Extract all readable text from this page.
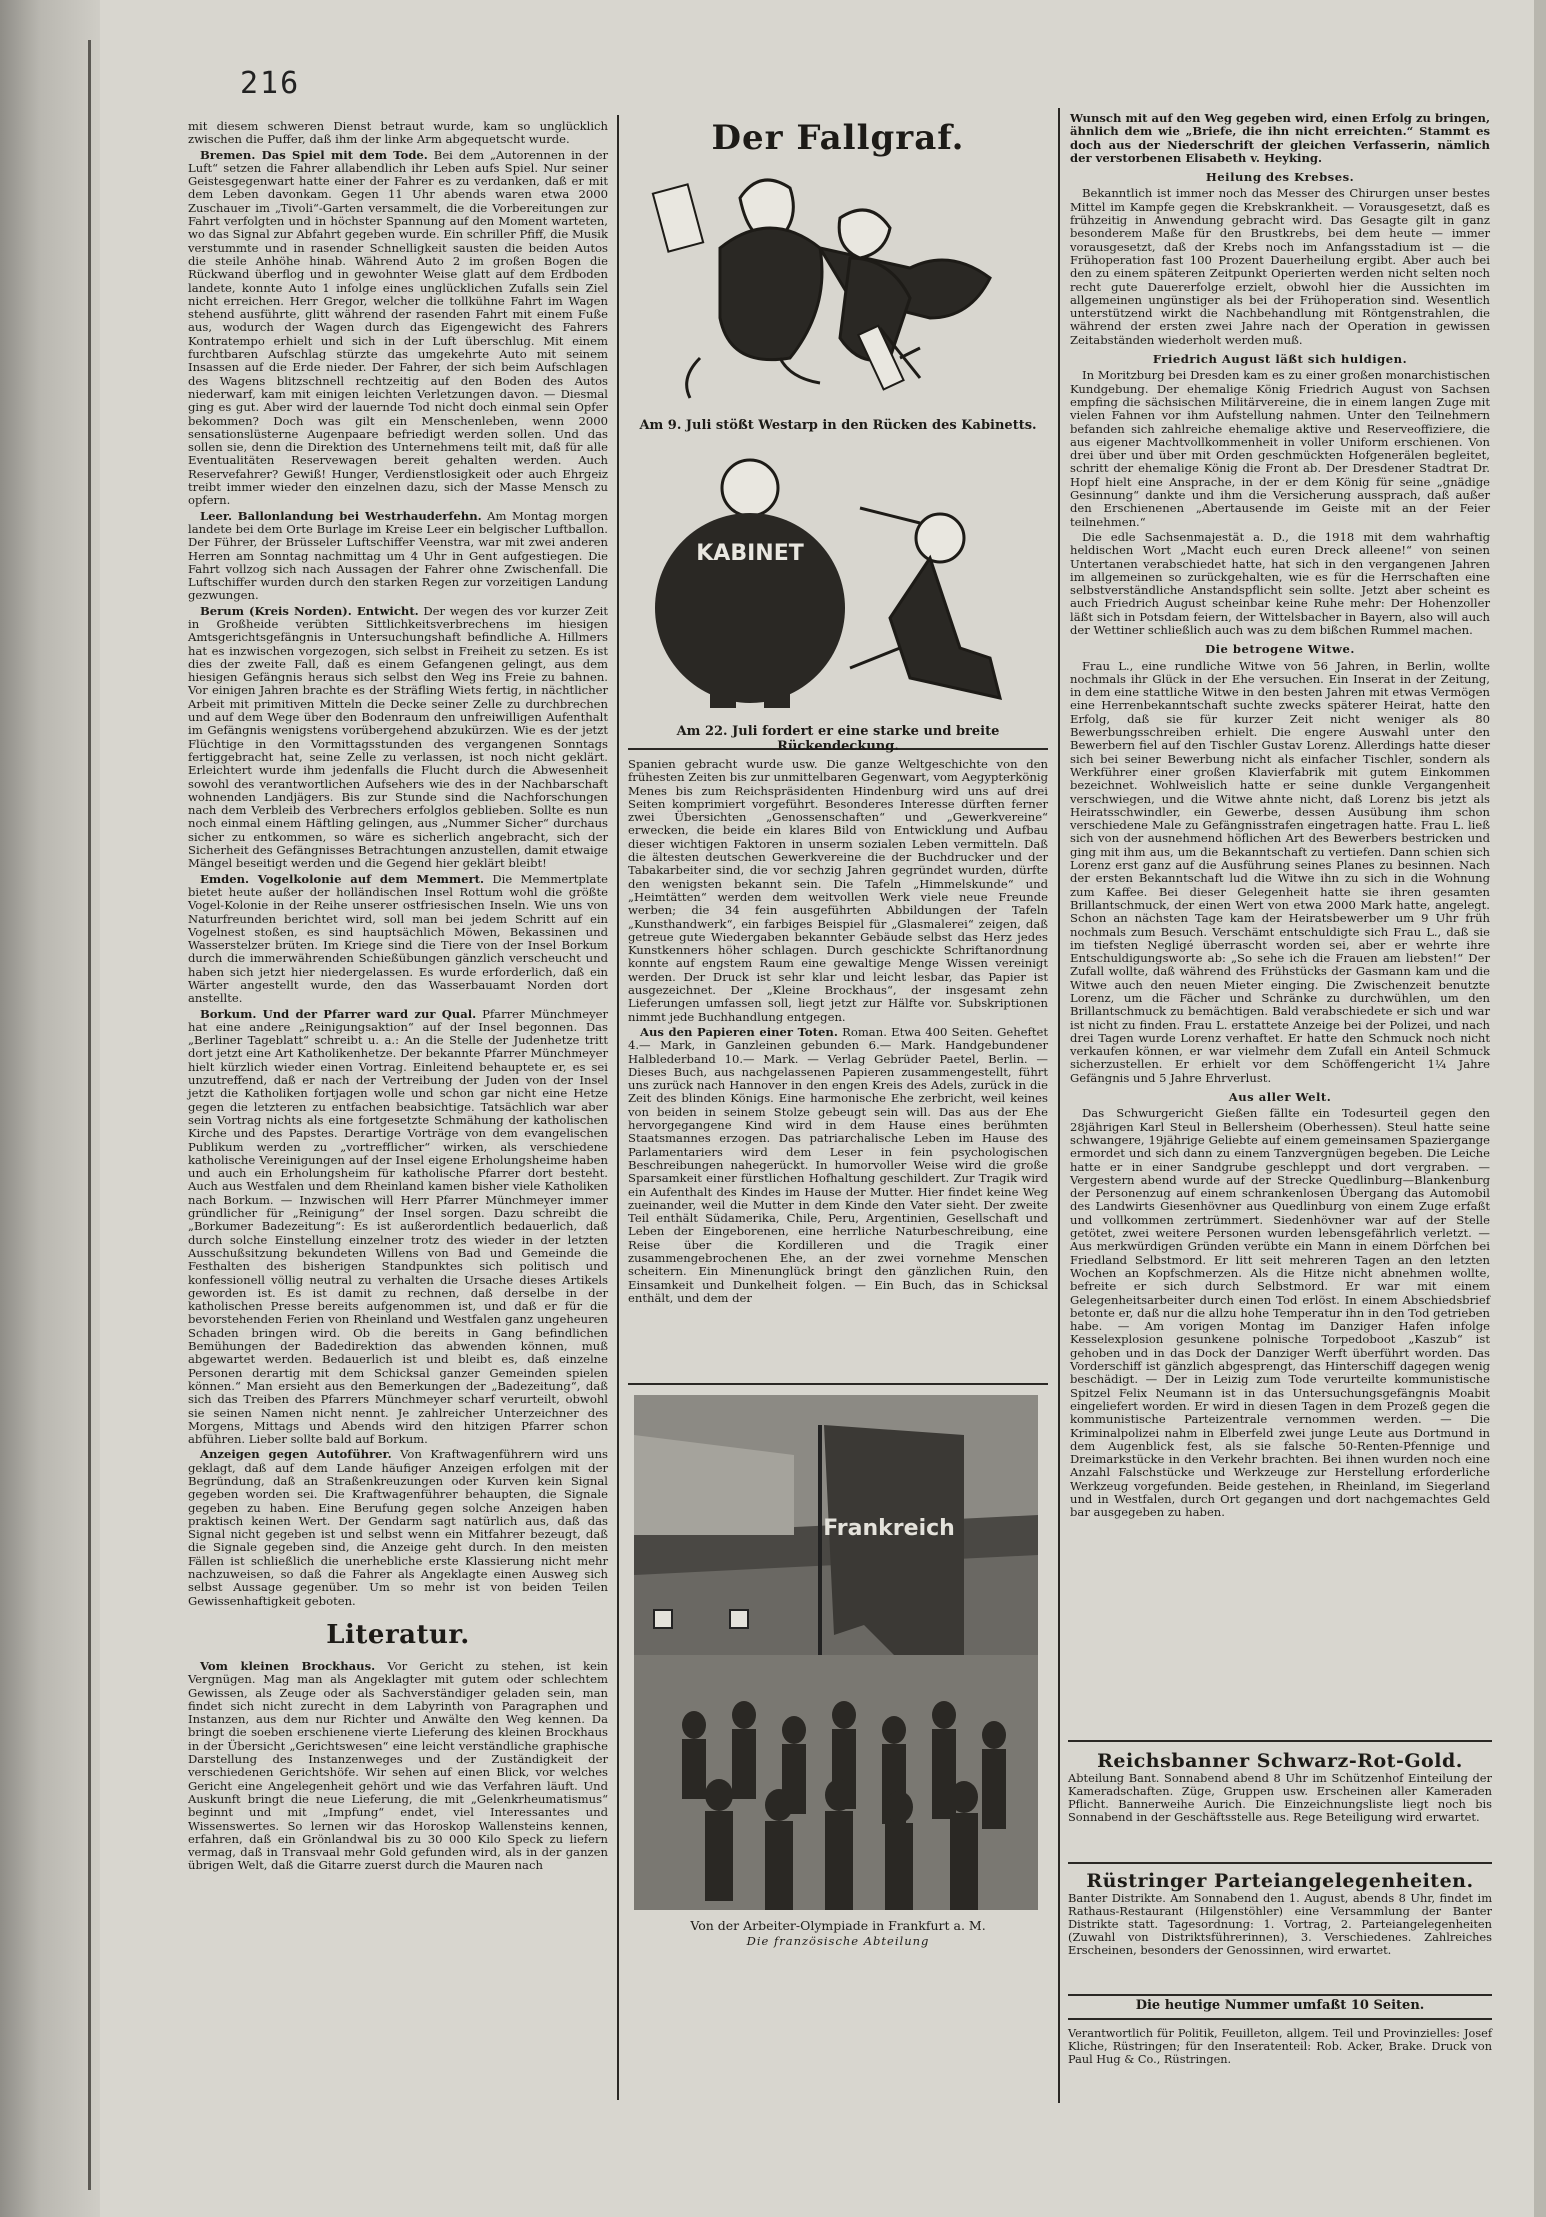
216

mit diesem schweren Dienst betraut wurde, kam so unglücklich zwischen die Puffer, daß ihm der linke Arm abgequetscht wurde.

Bremen. Das Spiel mit dem Tode. Bei dem „Autorennen in der Luft“ setzen die Fahrer allabendlich ihr Leben aufs Spiel. Nur seiner Geistesgegenwart hatte einer der Fahrer es zu verdanken, daß er mit dem Leben davonkam. Gegen 11 Uhr abends waren etwa 2000 Zuschauer im „Tivoli“-Garten versammelt, die die Vorbereitungen zur Fahrt verfolgten und in höchster Spannung auf den Moment warteten, wo das Signal zur Abfahrt gegeben wurde. Ein schriller Pfiff, die Musik verstummte und in rasender Schnelligkeit sausten die beiden Autos die steile Anhöhe hinab. Während Auto 2 im großen Bogen die Rückwand überflog und in gewohnter Weise glatt auf dem Erdboden landete, konnte Auto 1 infolge eines unglücklichen Zufalls sein Ziel nicht erreichen. Herr Gregor, welcher die tollkühne Fahrt im Wagen stehend ausführte, glitt während der rasenden Fahrt mit einem Fuße aus, wodurch der Wagen durch das Eigengewicht des Fahrers Kontratempo erhielt und sich in der Luft überschlug. Mit einem furchtbaren Aufschlag stürzte das umgekehrte Auto mit seinem Insassen auf die Erde nieder. Der Fahrer, der sich beim Aufschlagen des Wagens blitzschnell rechtzeitig auf den Boden des Autos niederwarf, kam mit einigen leichten Verletzungen davon. — Diesmal ging es gut. Aber wird der lauernde Tod nicht doch einmal sein Opfer bekommen? Doch was gilt ein Menschenleben, wenn 2000 sensationslüsterne Augenpaare befriedigt werden sollen. Und das sollen sie, denn die Direktion des Unternehmens teilt mit, daß für alle Eventualitäten Reservewagen bereit gehalten werden. Auch Reservefahrer? Gewiß! Hunger, Verdienstlosigkeit oder auch Ehrgeiz treibt immer wieder den einzelnen dazu, sich der Masse Mensch zu opfern.

Leer. Ballonlandung bei Westrhauderfehn. Am Montag morgen landete bei dem Orte Burlage im Kreise Leer ein belgischer Luftballon. Der Führer, der Brüsseler Luftschiffer Veenstra, war mit zwei anderen Herren am Sonntag nachmittag um 4 Uhr in Gent aufgestiegen. Die Fahrt vollzog sich nach Aussagen der Fahrer ohne Zwischenfall. Die Luftschiffer wurden durch den starken Regen zur vorzeitigen Landung gezwungen.

Berum (Kreis Norden). Entwicht. Der wegen des vor kurzer Zeit in Großheide verübten Sittlichkeitsverbrechens im hiesigen Amtsgerichtsgefängnis in Untersuchungshaft befindliche A. Hillmers hat es inzwischen vorgezogen, sich selbst in Freiheit zu setzen. Es ist dies der zweite Fall, daß es einem Gefangenen gelingt, aus dem hiesigen Gefängnis heraus sich selbst den Weg ins Freie zu bahnen. Vor einigen Jahren brachte es der Sträfling Wiets fertig, in nächtlicher Arbeit mit primitiven Mitteln die Decke seiner Zelle zu durchbrechen und auf dem Wege über den Bodenraum den unfreiwilligen Aufenthalt im Gefängnis wenigstens vorübergehend abzukürzen. Wie es der jetzt Flüchtige in den Vormittagsstunden des vergangenen Sonntags fertiggebracht hat, seine Zelle zu verlassen, ist noch nicht geklärt. Erleichtert wurde ihm jedenfalls die Flucht durch die Abwesenheit sowohl des verantwortlichen Aufsehers wie des in der Nachbarschaft wohnenden Landjägers. Bis zur Stunde sind die Nachforschungen nach dem Verbleib des Verbrechers erfolglos geblieben. Sollte es nun noch einmal einem Häftling gelingen, aus „Nummer Sicher“ durchaus sicher zu entkommen, so wäre es sicherlich angebracht, sich der Sicherheit des Gefängnisses Betrachtungen anzustellen, damit etwaige Mängel beseitigt werden und die Gegend hier geklärt bleibt!

Emden. Vogelkolonie auf dem Memmert. Die Memmertplate bietet heute außer der holländischen Insel Rottum wohl die größte Vogel-Kolonie in der Reihe unserer ostfriesischen Inseln. Wie uns von Naturfreunden berichtet wird, soll man bei jedem Schritt auf ein Vogelnest stoßen, es sind hauptsächlich Möwen, Bekassinen und Wasserstelzer brüten. Im Kriege sind die Tiere von der Insel Borkum durch die immerwährenden Schießübungen gänzlich verscheucht und haben sich jetzt hier niedergelassen. Es wurde erforderlich, daß ein Wärter angestellt wurde, den das Wasserbauamt Norden dort anstellte.

Borkum. Und der Pfarrer ward zur Qual. Pfarrer Münchmeyer hat eine andere „Reinigungsaktion“ auf der Insel begonnen. Das „Berliner Tageblatt“ schreibt u. a.: An die Stelle der Judenhetze tritt dort jetzt eine Art Katholikenhetze. Der bekannte Pfarrer Münchmeyer hielt kürzlich wieder einen Vortrag. Einleitend behauptete er, es sei unzutreffend, daß er nach der Vertreibung der Juden von der Insel jetzt die Katholiken fortjagen wolle und schon gar nicht eine Hetze gegen die letzteren zu entfachen beabsichtige. Tatsächlich war aber sein Vortrag nichts als eine fortgesetzte Schmähung der katholischen Kirche und des Papstes. Derartige Vorträge von dem evangelischen Publikum werden zu „vortrefflicher“ wirken, als verschiedene katholische Vereinigungen auf der Insel eigene Erholungsheime haben und auch ein Erholungsheim für katholische Pfarrer dort besteht. Auch aus Westfalen und dem Rheinland kamen bisher viele Katholiken nach Borkum. — Inzwischen will Herr Pfarrer Münchmeyer immer gründlicher für „Reinigung“ der Insel sorgen. Dazu schreibt die „Borkumer Badezeitung“: Es ist außerordentlich bedauerlich, daß durch solche Einstellung einzelner trotz des wieder in der letzten Ausschußsitzung bekundeten Willens von Bad und Gemeinde die Festhalten des bisherigen Standpunktes sich politisch und konfessionell völlig neutral zu verhalten die Ursache dieses Artikels geworden ist. Es ist damit zu rechnen, daß derselbe in der katholischen Presse bereits aufgenommen ist, und daß er für die bevorstehenden Ferien von Rheinland und Westfalen ganz ungeheuren Schaden bringen wird. Ob die bereits in Gang befindlichen Bemühungen der Badedirektion das abwenden können, muß abgewartet werden. Bedauerlich ist und bleibt es, daß einzelne Personen derartig mit dem Schicksal ganzer Gemeinden spielen können.“ Man ersieht aus den Bemerkungen der „Badezeitung“, daß sich das Treiben des Pfarrers Münchmeyer scharf verurteilt, obwohl sie seinen Namen nicht nennt. Je zahlreicher Unterzeichner des Morgens, Mittags und Abends wird den hitzigen Pfarrer schon abführen. Lieber sollte bald auf Borkum.

Anzeigen gegen Autoführer. Von Kraftwagenführern wird uns geklagt, daß auf dem Lande häufiger Anzeigen erfolgen mit der Begründung, daß an Straßenkreuzungen oder Kurven kein Signal gegeben worden sei. Die Kraftwagenführer behaupten, die Signale gegeben zu haben. Eine Berufung gegen solche Anzeigen haben praktisch keinen Wert. Der Gendarm sagt natürlich aus, daß das Signal nicht gegeben ist und selbst wenn ein Mitfahrer bezeugt, daß die Signale gegeben sind, die Anzeige geht durch. In den meisten Fällen ist schließlich die unerhebliche erste Klassierung nicht mehr nachzuweisen, so daß die Fahrer als Angeklagte einen Ausweg sich selbst Aussage gegenüber. Um so mehr ist von beiden Teilen Gewissenhaftigkeit geboten.

Literatur.

Vom kleinen Brockhaus. Vor Gericht zu stehen, ist kein Vergnügen. Mag man als Angeklagter mit gutem oder schlechtem Gewissen, als Zeuge oder als Sachverständiger geladen sein, man findet sich nicht zurecht in dem Labyrinth von Paragraphen und Instanzen, aus dem nur Richter und Anwälte den Weg kennen. Da bringt die soeben erschienene vierte Lieferung des kleinen Brockhaus in der Übersicht „Gerichtswesen“ eine leicht verständliche graphische Darstellung des Instanzenweges und der Zuständigkeit der verschiedenen Gerichtshöfe. Wir sehen auf einen Blick, vor welches Gericht eine Angelegenheit gehört und wie das Verfahren läuft. Und Auskunft bringt die neue Lieferung, die mit „Gelenkrheumatismus“ beginnt und mit „Impfung“ endet, viel Interessantes und Wissenswertes. So lernen wir das Horoskop Wallensteins kennen, erfahren, daß ein Grönlandwal bis zu 30 000 Kilo Speck zu liefern vermag, daß in Transvaal mehr Gold gefunden wird, als in der ganzen übrigen Welt, daß die Gitarre zuerst durch die Mauren nach

Der Fallgraf.
Am 9. Juli stößt Westarp in den Rücken des Kabinetts.
KABINET
Am 22. Juli fordert er eine starke und breite Rückendeckung.

Spanien gebracht wurde usw. Die ganze Weltgeschichte von den frühesten Zeiten bis zur unmittelbaren Gegenwart, vom Aegypterkönig Menes bis zum Reichspräsidenten Hindenburg wird uns auf drei Seiten komprimiert vorgeführt. Besonderes Interesse dürften ferner zwei Übersichten „Genossenschaften“ und „Gewerkvereine“ erwecken, die beide ein klares Bild von Entwicklung und Aufbau dieser wichtigen Faktoren in unserm sozialen Leben vermitteln. Daß die ältesten deutschen Gewerkvereine die der Buchdrucker und der Tabakarbeiter sind, die vor sechzig Jahren gegründet wurden, dürfte den wenigsten bekannt sein. Die Tafeln „Himmelskunde“ und „Heimtätten“ werden dem weitvollen Werk viele neue Freunde werben; die 34 fein ausgeführten Abbildungen der Tafeln „Kunsthandwerk“, ein farbiges Beispiel für „Glasmalerei“ zeigen, daß getreue gute Wiedergaben bekannter Gebäude selbst das Herz jedes Kunstkenners höher schlagen. Durch geschickte Schriftanordnung konnte auf engstem Raum eine gewaltige Menge Wissen vereinigt werden. Der Druck ist sehr klar und leicht lesbar, das Papier ist ausgezeichnet. Der „Kleine Brockhaus“, der insgesamt zehn Lieferungen umfassen soll, liegt jetzt zur Hälfte vor. Subskriptionen nimmt jede Buchhandlung entgegen.

Aus den Papieren einer Toten. Roman. Etwa 400 Seiten. Geheftet 4.— Mark, in Ganzleinen gebunden 6.— Mark. Handgebundener Halblederband 10.— Mark. — Verlag Gebrüder Paetel, Berlin. — Dieses Buch, aus nachgelassenen Papieren zusammengestellt, führt uns zurück nach Hannover in den engen Kreis des Adels, zurück in die Zeit des blinden Königs. Eine harmonische Ehe zerbricht, weil keines von beiden in seinem Stolze gebeugt sein will. Das aus der Ehe hervorgegangene Kind wird in dem Hause eines berühmten Staatsmannes erzogen. Das patriarchalische Leben im Hause des Parlamentariers wird dem Leser in fein psychologischen Beschreibungen nahegerückt. In humorvoller Weise wird die große Sparsamkeit einer fürstlichen Hofhaltung geschildert. Zur Tragik wird ein Aufenthalt des Kindes im Hause der Mutter. Hier findet keine Weg zueinander, weil die Mutter in dem Kinde den Vater sieht. Der zweite Teil enthält Südamerika, Chile, Peru, Argentinien, Gesellschaft und Leben der Eingeborenen, eine herrliche Naturbeschreibung, eine Reise über die Kordilleren und die Tragik einer zusammengebrochenen Ehe, an der zwei vornehme Menschen scheitern. Ein Minenunglück bringt den gänzlichen Ruin, den Einsamkeit und Dunkelheit folgen. — Ein Buch, das in Schicksal enthält, und dem der

Frankreich
Von der Arbeiter-Olympiade in Frankfurt a. M.
Die französische Abteilung

Wunsch mit auf den Weg gegeben wird, einen Erfolg zu bringen, ähnlich dem wie „Briefe, die ihn nicht erreichten.“ Stammt es doch aus der Niederschrift der gleichen Verfasserin, nämlich der verstorbenen Elisabeth v. Heyking.

Heilung des Krebses.

Bekanntlich ist immer noch das Messer des Chirurgen unser bestes Mittel im Kampfe gegen die Krebskrankheit. — Vorausgesetzt, daß es frühzeitig in Anwendung gebracht wird. Das Gesagte gilt in ganz besonderem Maße für den Brustkrebs, bei dem heute — immer vorausgesetzt, daß der Krebs noch im Anfangsstadium ist — die Frühoperation fast 100 Prozent Dauerheilung ergibt. Aber auch bei den zu einem späteren Zeitpunkt Operierten werden nicht selten noch recht gute Dauererfolge erzielt, obwohl hier die Aussichten im allgemeinen ungünstiger als bei der Frühoperation sind. Wesentlich unterstützend wirkt die Nachbehandlung mit Röntgenstrahlen, die während der ersten zwei Jahre nach der Operation in gewissen Zeitabständen wiederholt werden muß.

Friedrich August läßt sich huldigen.

In Moritzburg bei Dresden kam es zu einer großen monarchistischen Kundgebung. Der ehemalige König Friedrich August von Sachsen empfing die sächsischen Militärvereine, die in einem langen Zuge mit vielen Fahnen vor ihm Aufstellung nahmen. Unter den Teilnehmern befanden sich zahlreiche ehemalige aktive und Reserveoffiziere, die aus eigener Machtvollkommenheit in voller Uniform erschienen. Von drei über und über mit Orden geschmückten Hofgenerälen begleitet, schritt der ehemalige König die Front ab. Der Dresdener Stadtrat Dr. Hopf hielt eine Ansprache, in der er dem König für seine „gnädige Gesinnung“ dankte und ihm die Versicherung aussprach, daß außer den Erschienenen „Abertausende im Geiste mit an der Feier teilnehmen.“

Die edle Sachsenmajestät a. D., die 1918 mit dem wahrhaftig heldischen Wort „Macht euch euren Dreck alleene!“ von seinen Untertanen verabschiedet hatte, hat sich in den vergangenen Jahren im allgemeinen so zurückgehalten, wie es für die Herrschaften eine selbstverständliche Anstandspflicht sein sollte. Jetzt aber scheint es auch Friedrich August scheinbar keine Ruhe mehr: Der Hohenzoller läßt sich in Potsdam feiern, der Wittelsbacher in Bayern, also will auch der Wettiner schließlich auch was zu dem bißchen Rummel machen.

Die betrogene Witwe.

Frau L., eine rundliche Witwe von 56 Jahren, in Berlin, wollte nochmals ihr Glück in der Ehe versuchen. Ein Inserat in der Zeitung, in dem eine stattliche Witwe in den besten Jahren mit etwas Vermögen eine Herrenbekanntschaft suchte zwecks späterer Heirat, hatte den Erfolg, daß sie für kurzer Zeit nicht weniger als 80 Bewerbungsschreiben erhielt. Die engere Auswahl unter den Bewerbern fiel auf den Tischler Gustav Lorenz. Allerdings hatte dieser sich bei seiner Bewerbung nicht als einfacher Tischler, sondern als Werkführer einer großen Klavierfabrik mit gutem Einkommen bezeichnet. Wohlweislich hatte er seine dunkle Vergangenheit verschwiegen, und die Witwe ahnte nicht, daß Lorenz bis jetzt als Heiratsschwindler, ein Gewerbe, dessen Ausübung ihm schon verschiedene Male zu Gefängnisstrafen eingetragen hatte. Frau L. ließ sich von der ausnehmend höflichen Art des Bewerbers bestricken und ging mit ihm aus, um die Bekanntschaft zu vertiefen. Dann schien sich Lorenz erst ganz auf die Ausführung seines Planes zu besinnen. Nach der ersten Bekanntschaft lud die Witwe ihn zu sich in die Wohnung zum Kaffee. Bei dieser Gelegenheit hatte sie ihren gesamten Brillantschmuck, der einen Wert von etwa 2000 Mark hatte, angelegt. Schon an nächsten Tage kam der Heiratsbewerber um 9 Uhr früh nochmals zum Besuch. Verschämt entschuldigte sich Frau L., daß sie im tiefsten Negligé überrascht worden sei, aber er wehrte ihre Entschuldigungsworte ab: „So sehe ich die Frauen am liebsten!“ Der Zufall wollte, daß während des Frühstücks der Gasmann kam und die Witwe auch den neuen Mieter einging. Die Zwischenzeit benutzte Lorenz, um die Fächer und Schränke zu durchwühlen, um den Brillantschmuck zu bemächtigen. Bald verabschiedete er sich und war ist nicht zu finden. Frau L. erstattete Anzeige bei der Polizei, und nach drei Tagen wurde Lorenz verhaftet. Er hatte den Schmuck noch nicht verkaufen können, er war vielmehr dem Zufall ein Anteil Schmuck sicherzustellen. Er erhielt vor dem Schöffengericht 1¼ Jahre Gefängnis und 5 Jahre Ehrverlust.

Aus aller Welt.

Das Schwurgericht Gießen fällte ein Todesurteil gegen den 28jährigen Karl Steul in Bellersheim (Oberhessen). Steul hatte seine schwangere, 19jährige Geliebte auf einem gemeinsamen Spaziergange ermordet und sich dann zu einem Tanzvergnügen begeben. Die Leiche hatte er in einer Sandgrube geschleppt und dort vergraben. — Vergestern abend wurde auf der Strecke Quedlinburg—Blankenburg der Personenzug auf einem schrankenlosen Übergang das Automobil des Landwirts Giesenhövner aus Quedlinburg von einem Zuge erfaßt und vollkommen zertrümmert. Siedenhövner war auf der Stelle getötet, zwei weitere Personen wurden lebensgefährlich verletzt. — Aus merkwürdigen Gründen verübte ein Mann in einem Dörfchen bei Friedland Selbstmord. Er litt seit mehreren Tagen an den letzten Wochen an Kopfschmerzen. Als die Hitze nicht abnehmen wollte, befreite er sich durch Selbstmord. Er war mit einem Gelegenheitsarbeiter durch einen Tod erlöst. In einem Abschiedsbrief betonte er, daß nur die allzu hohe Temperatur ihn in den Tod getrieben habe. — Am vorigen Montag im Danziger Hafen infolge Kesselexplosion gesunkene polnische Torpedoboot „Kaszub“ ist gehoben und in das Dock der Danziger Werft überführt worden. Das Vorderschiff ist gänzlich abgesprengt, das Hinterschiff dagegen wenig beschädigt. — Der in Leizig zum Tode verurteilte kommunistische Spitzel Felix Neumann ist in das Untersuchungsgefängnis Moabit eingeliefert worden. Er wird in diesen Tagen in dem Prozeß gegen die kommunistische Parteizentrale vernommen werden. — Die Kriminalpolizei nahm in Elberfeld zwei junge Leute aus Dortmund in dem Augenblick fest, als sie falsche 50-Renten-Pfennige und Dreimarkstücke in den Verkehr brachten. Bei ihnen wurden noch eine Anzahl Falschstücke und Werkzeuge zur Herstellung erforderliche Werkzeug vorgefunden. Beide gestehen, in Rheinland, im Siegerland und in Westfalen, durch Ort gegangen und dort nachgemachtes Geld bar ausgegeben zu haben.

Reichsbanner Schwarz-Rot-Gold.
Abteilung Bant. Sonnabend abend 8 Uhr im Schützenhof Einteilung der Kameradschaften. Züge, Gruppen usw. Erscheinen aller Kameraden Pflicht. Bannerweihe Aurich. Die Einzeichnungsliste liegt noch bis Sonnabend in der Geschäftsstelle aus. Rege Beteiligung wird erwartet.
Rüstringer Parteiangelegenheiten.
Banter Distrikte. Am Sonnabend den 1. August, abends 8 Uhr, findet im Rathaus-Restaurant (Hilgenstöhler) eine Versammlung der Banter Distrikte statt. Tagesordnung: 1. Vortrag, 2. Parteiangelegenheiten (Zuwahl von Distriktsführerinnen), 3. Verschiedenes. Zahlreiches Erscheinen, besonders der Genossinnen, wird erwartet.
Die heutige Nummer umfaßt 10 Seiten.
Verantwortlich für Politik, Feuilleton, allgem. Teil und Provinzielles: Josef Kliche, Rüstringen; für den Inseratenteil: Rob. Acker, Brake. Druck von Paul Hug & Co., Rüstringen.
